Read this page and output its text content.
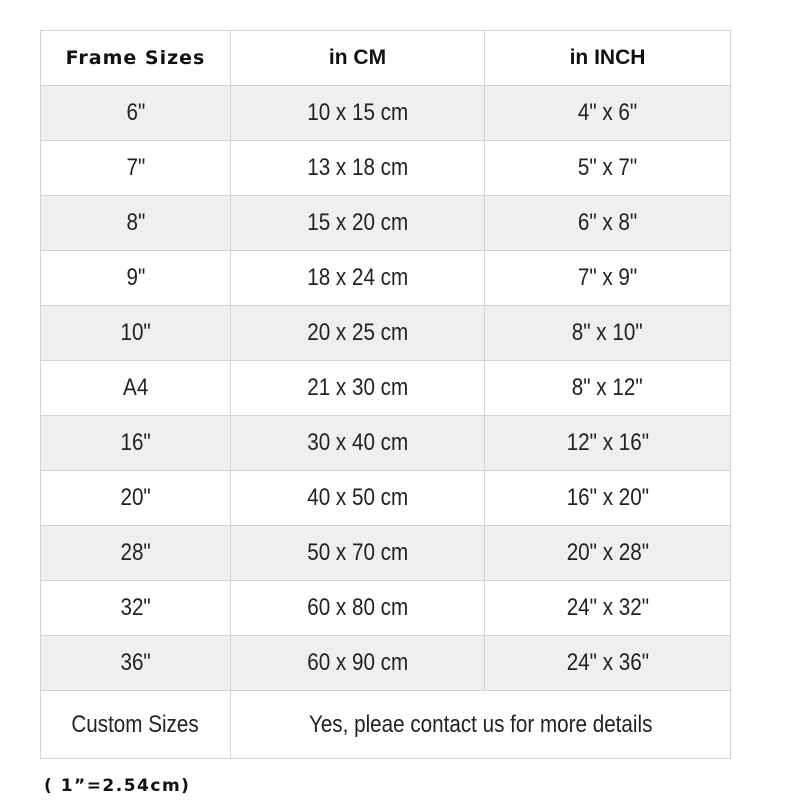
Frame Sizes	in CM	in INCH
6"	10 x 15 cm	4" x 6"
7"	13 x 18 cm	5" x 7"
8"	15 x 20 cm	6" x 8"
9"	18 x 24 cm	7" x 9"
10"	20 x 25 cm	8" x 10"
A4	21 x 30 cm	8" x 12"
16"	30 x 40 cm	12" x 16"
20"	40 x 50 cm	16" x 20"
28"	50 x 70 cm	20" x 28"
32"	60 x 80 cm	24" x 32"
36"	60 x 90 cm	24" x 36"
Custom Sizes	Yes, pleae contact us for more details	
( 1”=2.54cm)
